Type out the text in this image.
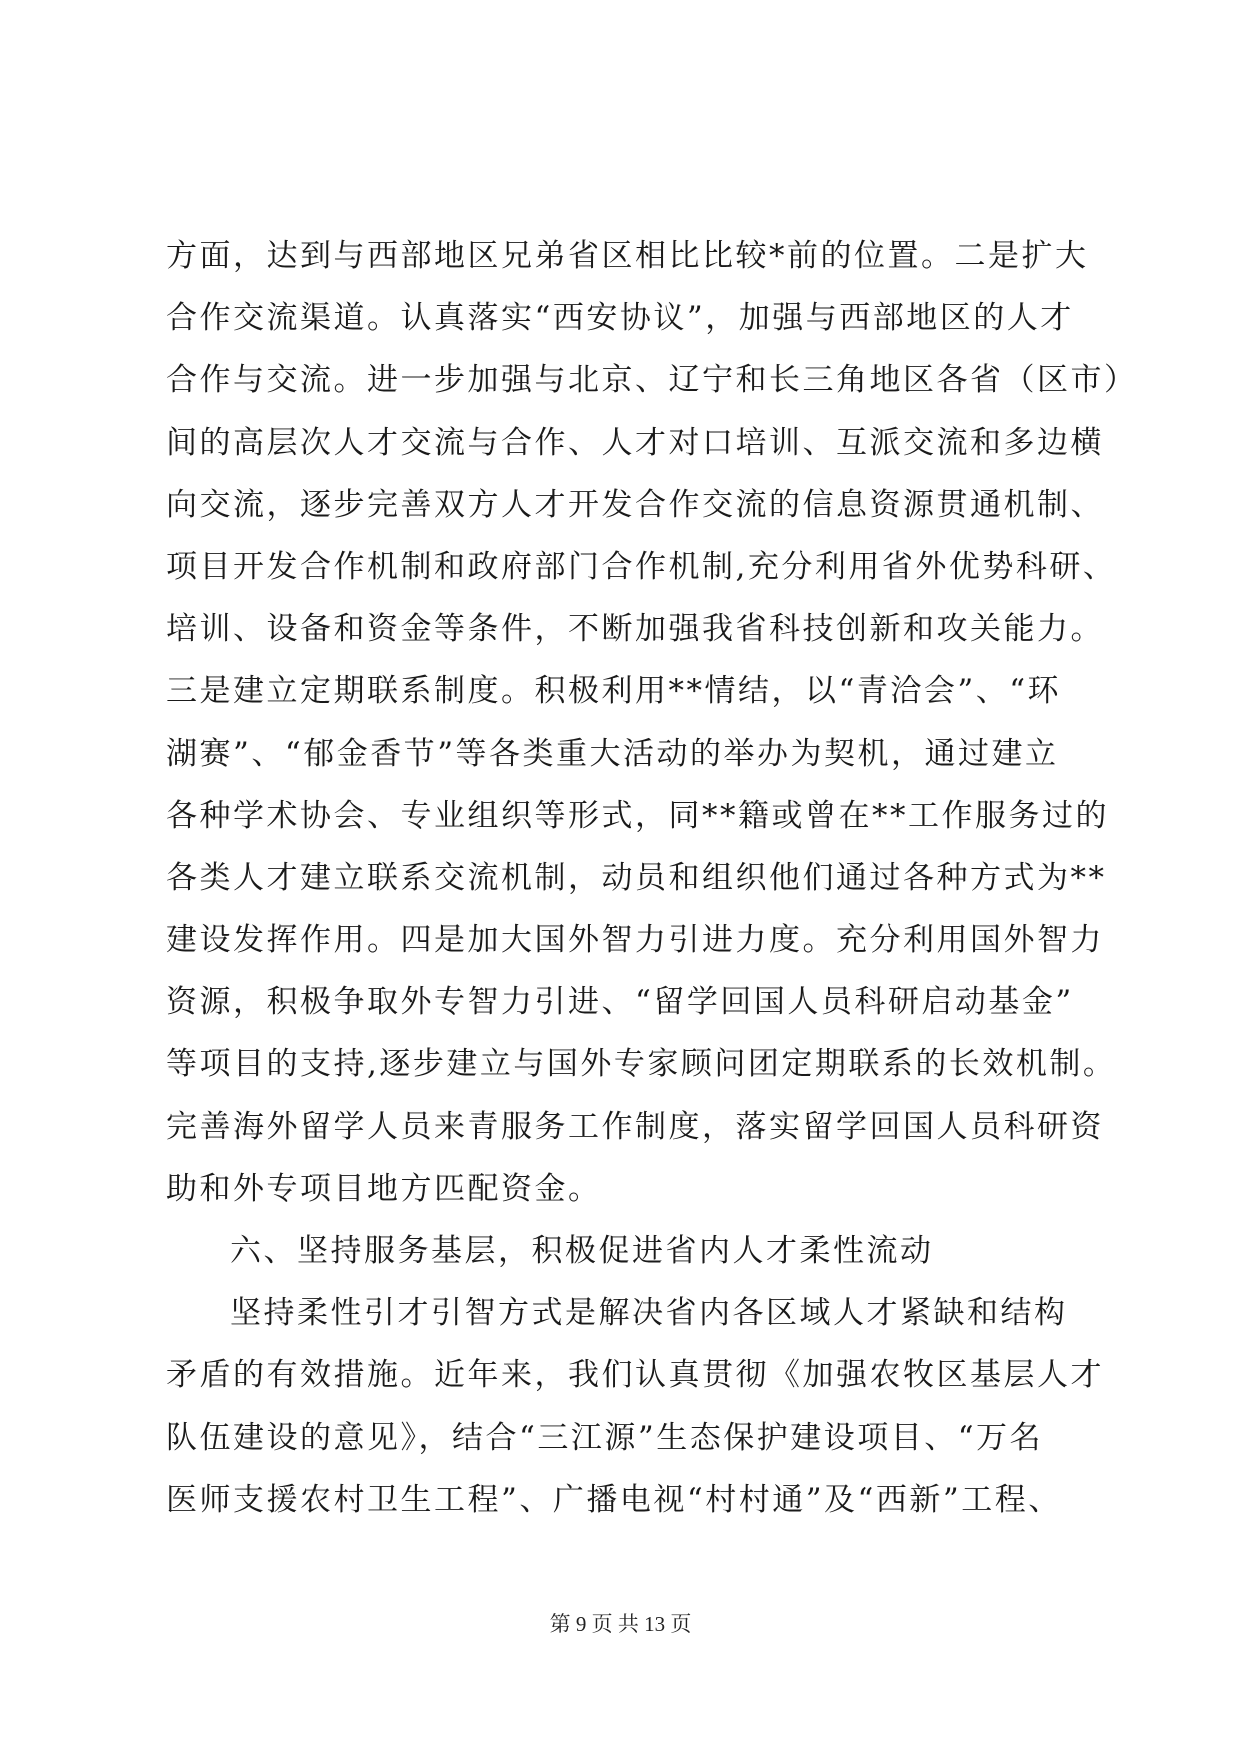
方面，达到与西部地区兄弟省区相比比较*前的位置。二是扩大
合作交流渠道。认真落实“西安协议”，加强与西部地区的人才
合作与交流。进一步加强与北京、辽宁和长三角地区各省（区市）
间的高层次人才交流与合作、人才对口培训、互派交流和多边横
向交流，逐步完善双方人才开发合作交流的信息资源贯通机制、
项目开发合作机制和政府部门合作机制,充分利用省外优势科研、
培训、设备和资金等条件，不断加强我省科技创新和攻关能力。
三是建立定期联系制度。积极利用**情结，以“青洽会”、“环
湖赛”、“郁金香节”等各类重大活动的举办为契机，通过建立
各种学术协会、专业组织等形式，同**籍或曾在**工作服务过的
各类人才建立联系交流机制，动员和组织他们通过各种方式为**
建设发挥作用。四是加大国外智力引进力度。充分利用国外智力
资源，积极争取外专智力引进、“留学回国人员科研启动基金”
等项目的支持,逐步建立与国外专家顾问团定期联系的长效机制。
完善海外留学人员来青服务工作制度，落实留学回国人员科研资
助和外专项目地方匹配资金。
六、坚持服务基层，积极促进省内人才柔性流动
坚持柔性引才引智方式是解决省内各区域人才紧缺和结构
矛盾的有效措施。近年来，我们认真贯彻《加强农牧区基层人才
队伍建设的意见》，结合“三江源”生态保护建设项目、“万名
医师支援农村卫生工程”、广播电视“村村通”及“西新”工程、
第 9 页 共 13 页
